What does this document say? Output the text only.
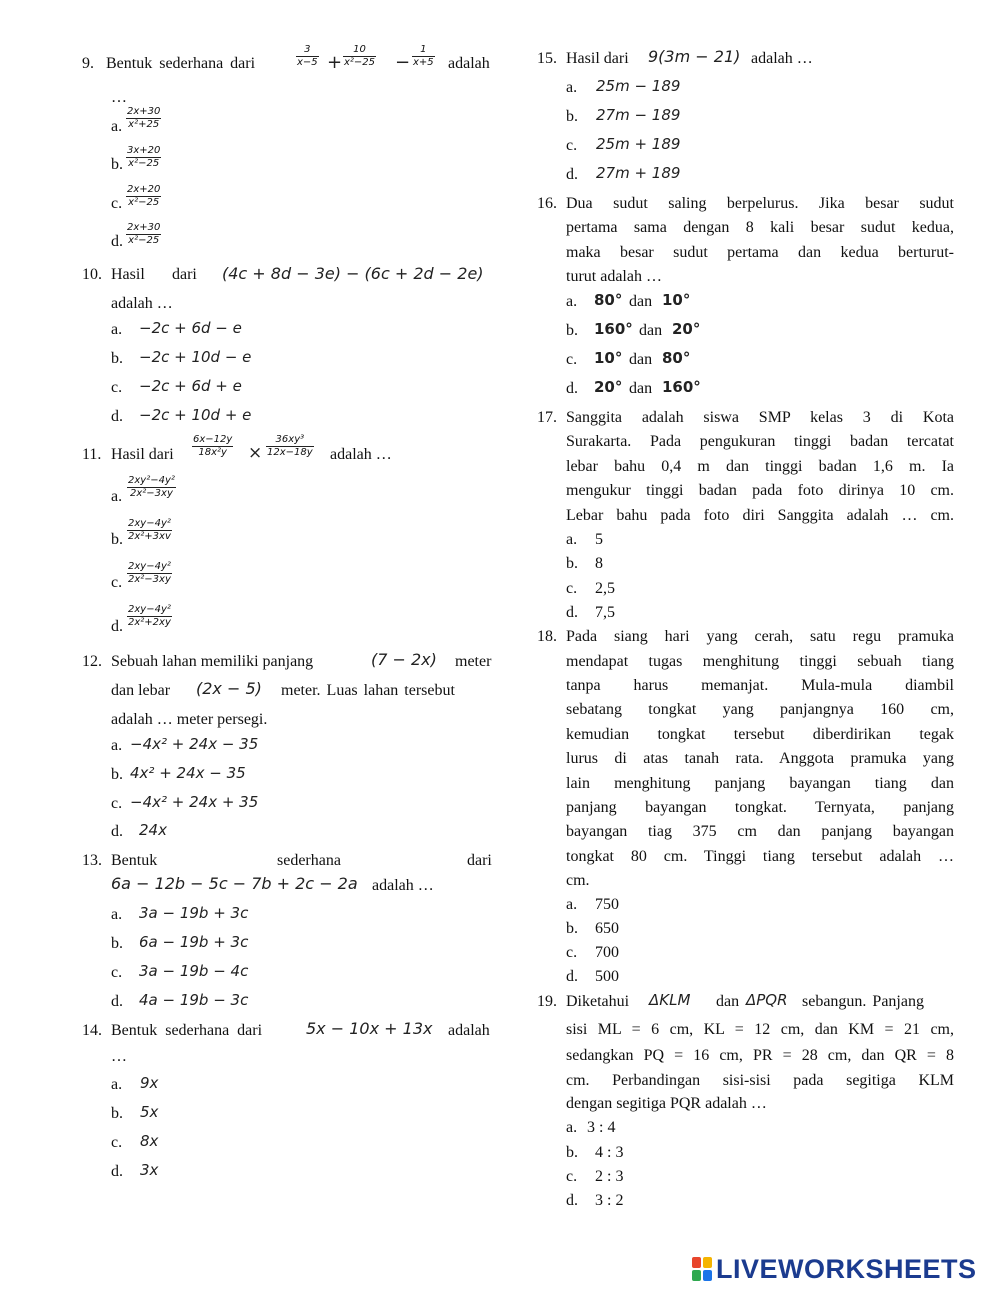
9. Bentuk sederhana dari	$\frac{3}{x-5} + \frac{10}{\text{x²−25}} - \frac{1}{x+5}$ adalah
…
a. $\frac{2x+30}{\text{x²+25}}$
b. $\frac{3x+20}{\text{x²−25}}$
c. $\frac{2x+20}{\text{x²−25}}$
d. $\frac{2x+30}{\text{x²−25}}$
10. Hasil dari (4c + 8d − 3e) − (6c + 2d − 2e)
adalah …
a. −2c + 6d − e
b. −2c + 10d − e
c. −2c + 6d + e
d. −2c + 10d + e
11. Hasil dari $\frac{6x-12y}{\text{18x²y}} \times \frac{\text{36xy³}}{12x-18y}$ adalah …
a. $\frac{\text{2xy²−4y²}}{\text{2x²−3xy}}$
b. $\frac{\text{2xy−4y²}}{\text{2x²+3xv}}$
c. $\frac{\text{2xy−4y²}}{\text{2x²−3xy}}$
d. $\frac{\text{2xy−4y²}}{\text{2x²+2xy}}$
12. Sebuah lahan memiliki panjang	(7 − 2x) meter
dan lebar (2x − 5) meter. Luas lahan tersebut
adalah … meter persegi.
a. −4x² + 24x − 35
b. 4x² + 24x − 35
c. −4x² + 24x + 35
d. 24x
13. Bentuk	sederhana	dari
6a − 12b − 5c − 7b + 2c − 2a adalah …
a. 3a − 19b + 3c
b. 6a − 19b + 3c
c. 3a − 19b − 4c
d. 4a − 19b − 3c
14. Bentuk sederhana dari	5x − 10x + 13x adalah
…
a. 9x
b. 5x
c. 8x
d. 3x
15. Hasil dari 9(3m − 21) adalah …
a. 25m − 189
b. 27m − 189
c. 25m + 189
d. 27m + 189
16. Dua sudut saling berpelurus. Jika besar sudut
pertama sama dengan 8 kali besar sudut kedua,
maka besar sudut pertama dan kedua berturut-
turut adalah …
a. 80° dan 10°
b. 160° dan 20°
c. 10° dan 80°
d. 20° dan 160°
17. Sanggita adalah siswa SMP kelas 3 di Kota
Surakarta. Pada pengukuran tinggi badan tercatat
lebar bahu 0,4 m dan tinggi badan 1,6 m. Ia
mengukur tinggi badan pada foto dirinya 10 cm.
Lebar bahu pada foto diri Sanggita adalah … cm.
a. 5
b. 8
c. 2,5
d. 7,5
18. Pada siang hari yang cerah, satu regu pramuka
mendapat tugas menghitung tinggi sebuah tiang
tanpa harus memanjat. Mula-mula diambil
sebatang tongkat yang panjangnya 160 cm,
kemudian tongkat tersebut diberdirikan tegak
lurus di atas tanah rata. Anggota pramuka yang
lain menghitung panjang bayangan tiang dan
panjang bayangan tongkat. Ternyata, panjang
bayangan tiag 375 cm dan panjang bayangan
tongkat 80 cm. Tinggi tiang tersebut adalah …
cm.
a. 750
b. 650
c. 700
d. 500
19. Diketahui ΔKLM dan ΔPQR sebangun. Panjang
sisi ML = 6 cm, KL = 12 cm, dan KM = 21 cm,
sedangkan PQ = 16 cm, PR = 28 cm, dan QR = 8
cm. Perbandingan sisi-sisi pada segitiga KLM
dengan segitiga PQR adalah …
a. 3 : 4
b. 4 : 3
c. 2 : 3
d. 3 : 2
LIVEWORKSHEETS
